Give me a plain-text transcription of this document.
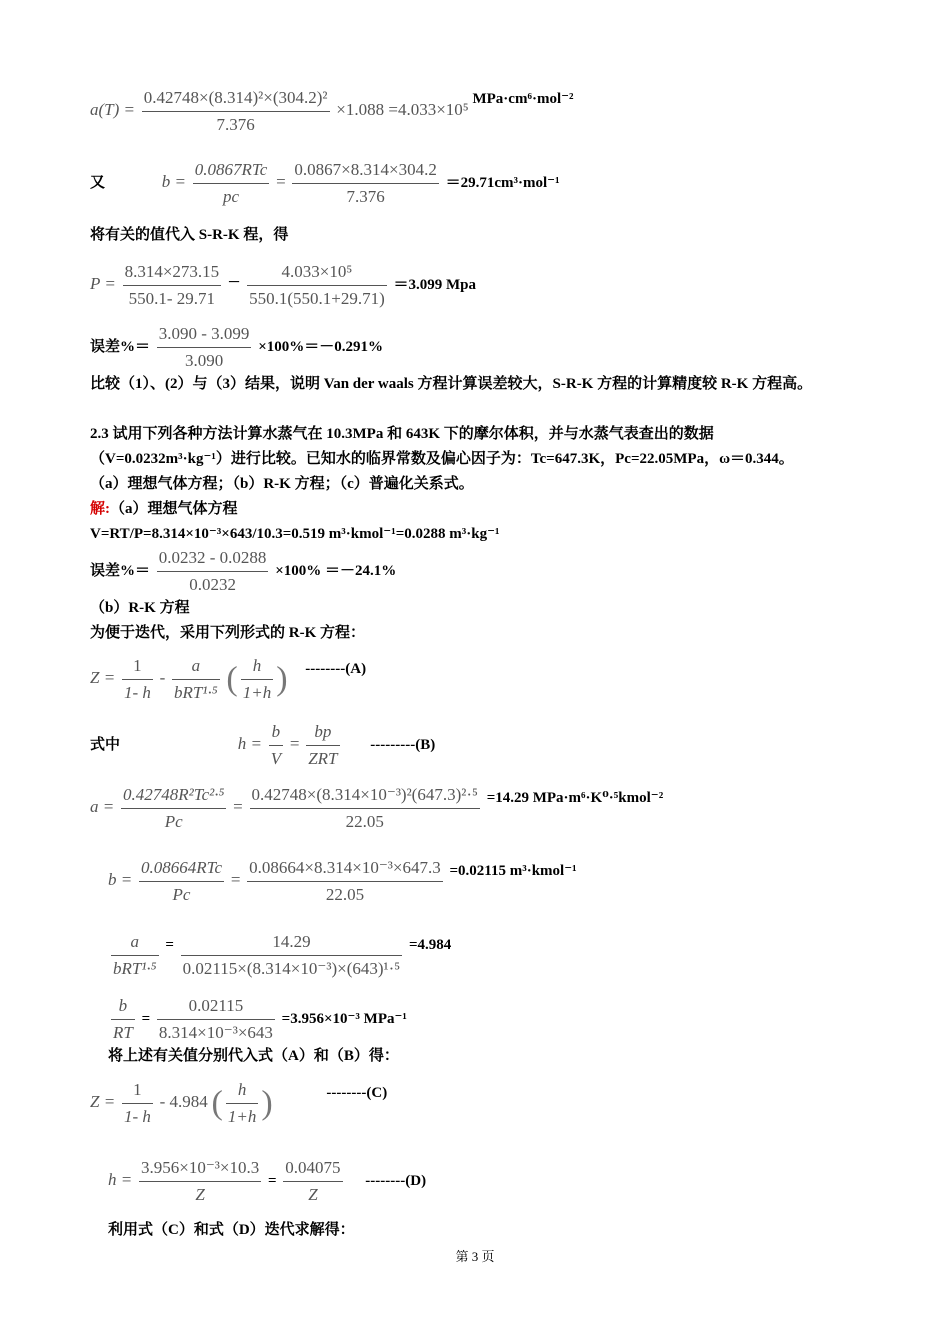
$a(T) = \frac{\text{0.42748×(8.314)²×(304.2)²}}{7.376} \times 1.088 =4.033\times 10^5$ MPa·cm⁶·mol⁻²
又	$b = \frac{\text{0.0867RTc}}{pc} = \frac{0.0867\times 8.314\times 304.2}{7.376} =29.71cm^3\cdot mol^{-1}$
将有关的值代入 S-R-K 程，得
$P = \frac{8.314\times 273.15}{550.1- 29.71} - \frac{\text{4.033×10⁵}}{550.1(550.1+29.71)} =3.099$ Mpa
误差%＝ $\frac{3.090 - 3.099}{3.090} \times 100\%=-0.291\%$
比较（1）、(2）与（3）结果，说明 Van der waals 方程计算误差较大，S-R-K 方程的计算精度较 R-K 方程高。
2.3 试用下列各种方法计算水蒸气在 10.3MPa 和 643K 下的摩尔体积，并与水蒸气表查出的数据
（V=0.0232m³·kg⁻¹）进行比较。已知水的临界常数及偏心因子为：Tc=647.3K，Pc=22.05MPa，ω＝0.344。
（a）理想气体方程；（b）R-K 方程；（c）普遍化关系式。
解:（a）理想气体方程
V=RT/P=8.314×10⁻³×643/10.3=0.519 m³·kmol⁻¹=0.0288 m³·kg⁻¹
误差%＝ $\frac{0.0232 - 0.0288}{0.0232} \times 100\% =-24.1\%$
（b）R-K 方程
为便于迭代，采用下列形式的 R-K 方程：
$Z = \frac{1}{1- h} - \frac{a}{\text{bRT¹·⁵}}$ ( $\frac{h}{1+h}$ ) --------(A)
式中	$h = \frac{b}{V} = \frac{bp}{\text{ZRT}} ---------(B)$
$a = \frac{\text{0.42748R²Tc²·⁵}}{Pc} = \frac{\text{0.42748×(8.314×10⁻³)²(647.3)²·⁵}}{22.05} =14.29$ MPa·m⁶·K⁰·⁵kmol⁻²
$b = \frac{\text{0.08664RTc}}{Pc} = \frac{\text{0.08664×8.314×10⁻³×647.3}}{22.05} =0.02115$ m³·kmol⁻¹
$\frac{a}{\text{bRT¹·⁵}} = \frac{14.29}{\text{0.02115×(8.314×10⁻³)×(643)¹·⁵}} =4.984$
$\frac{b}{RT} = \frac{0.02115}{\text{8.314×10⁻³×643}} =3.956\times 10^{-3}$ MPa⁻¹
将上述有关值分别代入式（A）和（B）得：
$Z = \frac{1}{1- h} - 4.984$ ( $\frac{h}{1+h}$ )	--------(C)
$h = \frac{\text{3.956×10⁻³×10.3}}{Z} = \frac{0.04075}{Z} --------(D)$
利用式（C）和式（D）迭代求解得：
第 3 页
